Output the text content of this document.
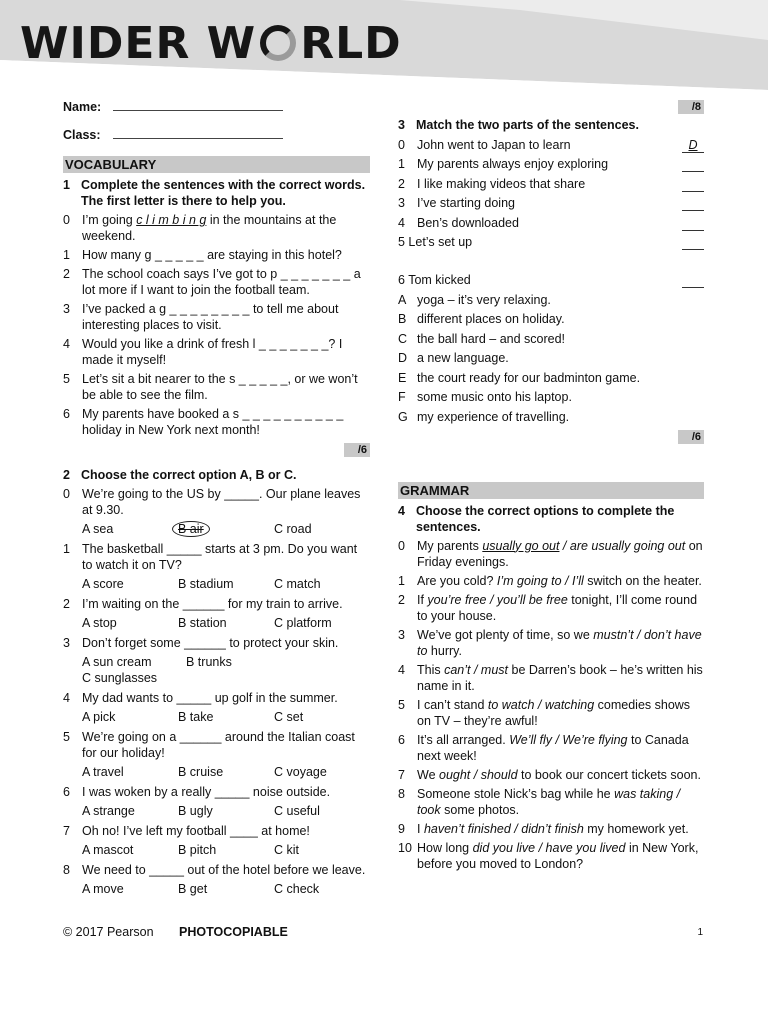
WIDER W RLD
Name:
Class:
VOCABULARY
1 Complete the sentences with the correct words. The first letter is there to help you.
0 I’m going c l i m b i n g in the mountains at the weekend.
1 How many g _ _ _ _ _ are staying in this hotel?
2 The school coach says I’ve got to p _ _ _ _ _ _ _ a lot more if I want to join the football team.
3 I’ve packed a g _ _ _ _ _ _ _ _ to tell me about interesting places to visit.
4 Would you like a drink of fresh l _ _ _ _ _ _ _? I made it myself!
5 Let’s sit a bit nearer to the s _ _ _ _ _, or we won’t be able to see the film.
6 My parents have booked a s _ _ _ _ _ _ _ _ _ _ holiday in New York next month!
/6
2 Choose the correct option A, B or C.
0 We’re going to the US by _____. Our plane leaves at 9.30.
A sea	B air	C road
1 The basketball _____ starts at 3 pm. Do you want to watch it on TV?
A score	B stadium	C match
2 I’m waiting on the ______ for my train to arrive.
A stop	B station	C platform
3 Don’t forget some ______ to protect your skin.
A sun cream	B trunks
C sunglasses
4 My dad wants to _____ up golf in the summer.
A pick	B take	C set
5 We’re going on a ______ around the Italian coast for our holiday!
A travel	B cruise	C voyage
6 I was woken by a really _____ noise outside.
A strange	B ugly	C useful
7 Oh no! I’ve left my football ____ at home!
A mascot	B pitch	C kit
8 We need to _____ out of the hotel before we leave.
A move	B get	C check
/8
3 Match the two parts of the sentences.
0 John went to Japan to learn	D
1 My parents always enjoy exploring
2 I like making videos that share
3 I’ve starting doing
4 Ben’s downloaded
5 Let’s set up
6 Tom kicked
A yoga – it’s very relaxing.
B different places on holiday.
C the ball hard – and scored!
D a new language.
E the court ready for our badminton game.
F some music onto his laptop.
G my experience of travelling.
/6
GRAMMAR
4 Choose the correct options to complete the sentences.
0 My parents usually go out / are usually going out on Friday evenings.
1 Are you cold? I’m going to / I’ll switch on the heater.
2 If you’re free / you’ll be free tonight, I’ll come round to your house.
3 We’ve got plenty of time, so we mustn’t / don’t have to hurry.
4 This can’t / must be Darren’s book – he’s written his name in it.
5 I can’t stand to watch / watching comedies shows on TV – they’re awful!
6 It’s all arranged. We’ll fly / We’re flying to Canada next week!
7 We ought / should to book our concert tickets soon.
8 Someone stole Nick’s bag while he was taking / took some photos.
9 I haven’t finished / didn’t finish my homework yet.
10 How long did you live / have you lived in New York, before you moved to London?
© 2017 Pearson PHOTOCOPIABLE	1
